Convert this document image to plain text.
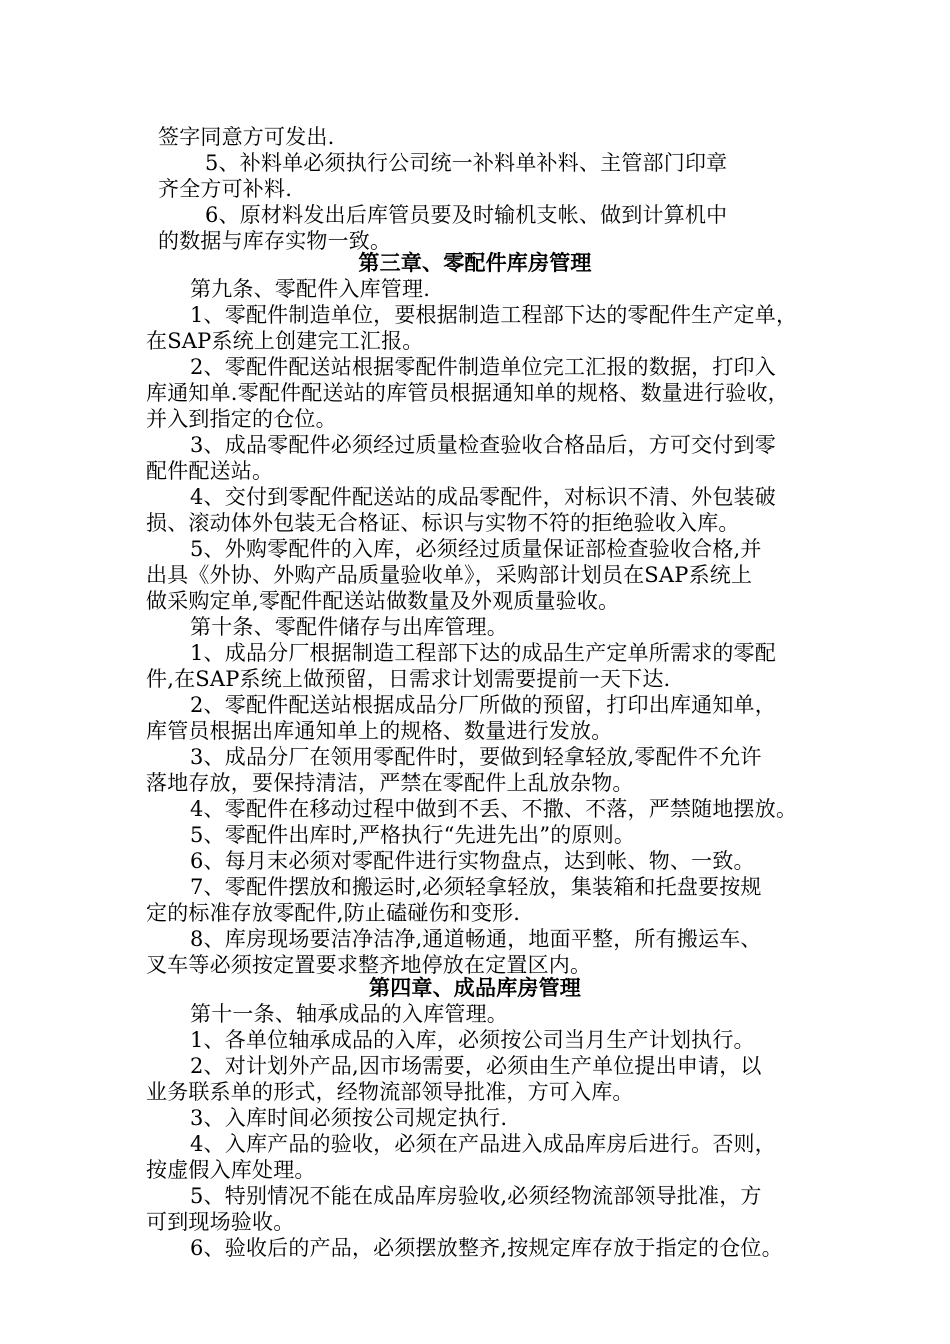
签字同意方可发出.
5、补料单必须执行公司统一补料单补料、主管部门印章
齐全方可补料.
6、原材料发出后库管员要及时输机支帐、做到计算机中
的数据与库存实物一致。
第三章、零配件库房管理
第九条、零配件入库管理.
1、零配件制造单位，要根据制造工程部下达的零配件生产定单，
在SAP系统上创建完工汇报。
2、零配件配送站根据零配件制造单位完工汇报的数据，打印入
库通知单.零配件配送站的库管员根据通知单的规格、数量进行验收，
并入到指定的仓位。
3、成品零配件必须经过质量检查验收合格品后，方可交付到零
配件配送站。
4、交付到零配件配送站的成品零配件，对标识不清、外包装破
损、滚动体外包装无合格证、标识与实物不符的拒绝验收入库。
5、外购零配件的入库，必须经过质量保证部检查验收合格,并
出具《外协、外购产品质量验收单》，采购部计划员在SAP系统上
做采购定单,零配件配送站做数量及外观质量验收。
第十条、零配件储存与出库管理。
1、成品分厂根据制造工程部下达的成品生产定单所需求的零配
件,在SAP系统上做预留，日需求计划需要提前一天下达.
2、零配件配送站根据成品分厂所做的预留，打印出库通知单，
库管员根据出库通知单上的规格、数量进行发放。
3、成品分厂在领用零配件时，要做到轻拿轻放,零配件不允许
落地存放，要保持清洁，严禁在零配件上乱放杂物。
4、零配件在移动过程中做到不丢、不撒、不落，严禁随地摆放。
5、零配件出库时,严格执行“先进先出”的原则。
6、每月末必须对零配件进行实物盘点，达到帐、物、一致。
7、零配件摆放和搬运时,必须轻拿轻放，集装箱和托盘要按规
定的标准存放零配件,防止磕碰伤和变形.
8、库房现场要洁净洁净,通道畅通，地面平整，所有搬运车、
叉车等必须按定置要求整齐地停放在定置区内。
第四章、成品库房管理
第十一条、轴承成品的入库管理。
1、各单位轴承成品的入库，必须按公司当月生产计划执行。
2、对计划外产品,因市场需要，必须由生产单位提出申请，以
业务联系单的形式，经物流部领导批准，方可入库。
3、入库时间必须按公司规定执行.
4、入库产品的验收，必须在产品进入成品库房后进行。否则，
按虚假入库处理。
5、特别情况不能在成品库房验收,必须经物流部领导批准，方
可到现场验收。
6、验收后的产品，必须摆放整齐,按规定库存放于指定的仓位。
